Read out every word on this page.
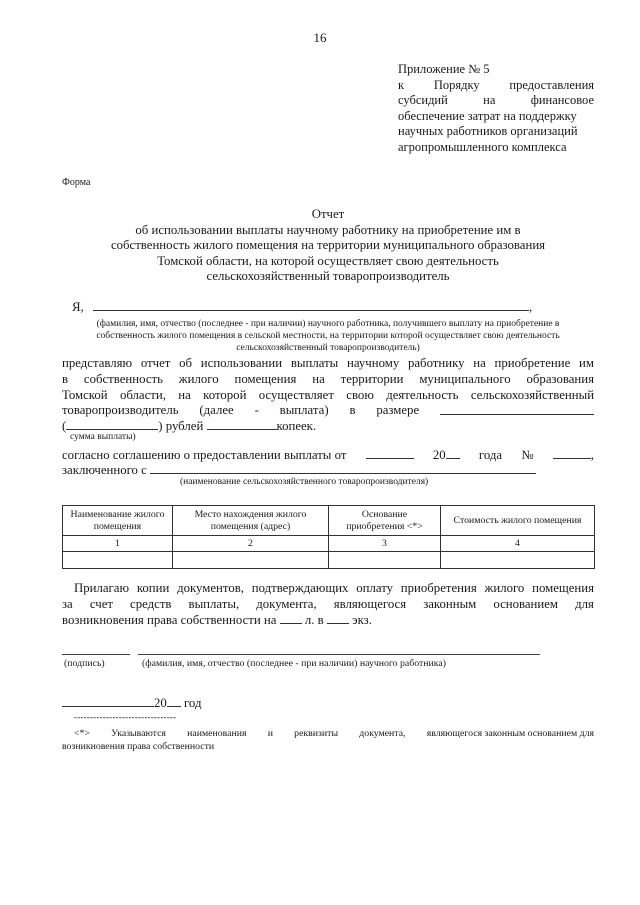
16
Приложение № 5
к Порядку предоставления
субсидий	на	финансовое
обеспечение затрат на поддержку
научных работников организаций
агропромышленного комплекса
Форма
Отчет
об использовании выплаты научному работнику на приобретение им в
собственность жилого помещения на территории муниципального образования
Томской области, на которой осуществляет свою деятельность
сельскохозяйственный товаропроизводитель
Я,	,
(фамилия, имя, отчество (последнее - при наличии) научного работника, получившего выплату на приобретение в
собственность жилого помещения в сельской местности, на территории которой осуществляет свою деятельность
сельскохозяйственный товаропроизводитель)
представляю отчет об использовании выплаты научному работнику на приобретение им
в собственность жилого помещения на территории муниципального образования
Томской области, на которой осуществляет свою деятельность сельскохозяйственный
товаропроизводитель (далее - выплата) в размере
(	) рублей	копеек.
сумма выплаты)
согласно соглашению о предоставлении выплаты от	20	года №	,
заключенного с
(наименование сельскохозяйственного товаропроизводителя)
Наименование жилого помещения	Место нахождения жилого помещения (адрес)	Основание приобретения <*>	Стоимость жилого помещения
1	2	3	4

Прилагаю копии документов, подтверждающих оплату приобретения жилого помещения
за счет средств выплаты, документа, являющегося законным основанием для
возникновения права собственности на л. в экз.
(подпись)	(фамилия, имя, отчество (последнее - при наличии) научного работника)
20 год
--------------------------------
<*> Указываются наименования и реквизиты документа, являющегося законным основанием для
возникновения права собственности
